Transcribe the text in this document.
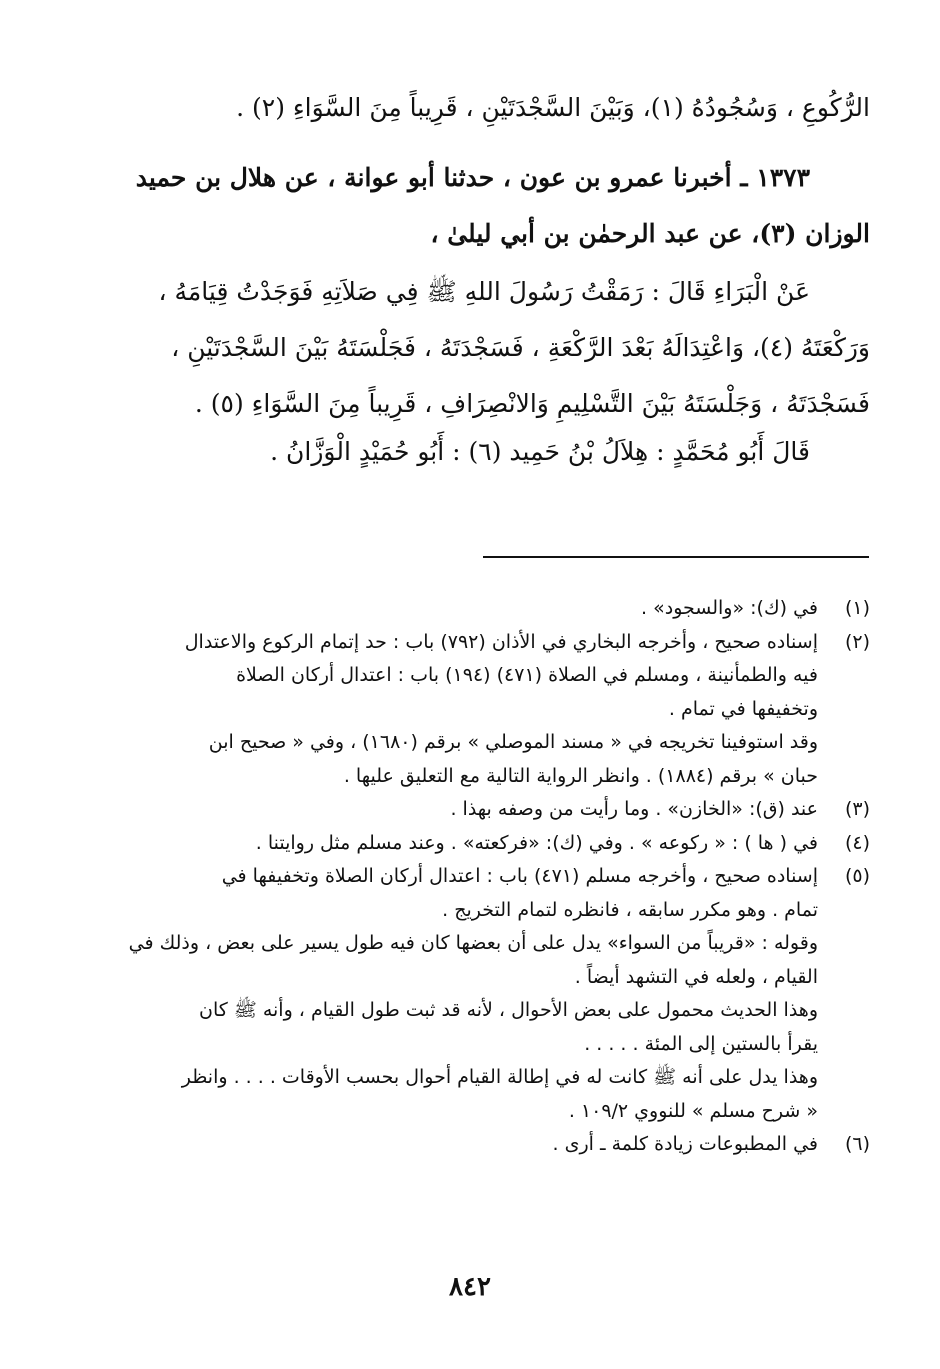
الرُّكُوعِ ، وَسُجُودُهُ (١)، وَبَيْنَ السَّجْدَتَيْنِ ، قَرِيباً مِنَ السَّوَاءِ (٢) .
١٣٧٣ ـ أخبرنا عمرو بن عون ، حدثنا أبو عوانة ، عن هلال بن حميد
الوزان (٣)، عن عبد الرحمٰن بن أبي ليلىٰ ،
عَنْ الْبَرَاءِ قَالَ : رَمَقْتُ رَسُولَ اللهِ ﷺ فِي صَلاَتِهِ فَوَجَدْتُ قِيَامَهُ ،
وَرَكْعَتَهُ (٤)، وَاعْتِدَالَهُ بَعْدَ الرَّكْعَةِ ، فَسَجْدَتَهُ ، فَجَلْسَتَهُ بَيْنَ السَّجْدَتَيْنِ ،
فَسَجْدَتَهُ ، وَجَلْسَتَهُ بَيْنَ التَّسْلِيمِ وَالانْصِرَافِ ، قَرِيباً مِنَ السَّوَاءِ (٥) .
قَالَ أَبُو مُحَمَّدٍ : هِلاَلُ بْنُ حَمِيد (٦) : أَبُو حُمَيْدٍ الْوَزَّانُ .
(١)
في (ك): «والسجود» .
(٢)
إسناده صحيح ، وأخرجه البخاري في الأذان (٧٩٢) باب : حد إتمام الركوع والاعتدال
فيه والطمأنينة ، ومسلم في الصلاة (٤٧١) (١٩٤) باب : اعتدال أركان الصلاة
وتخفيفها في تمام .
وقد استوفينا تخريجه في « مسند الموصلي » برقم (١٦٨٠) ، وفي « صحيح ابن
حبان » برقم (١٨٨٤) . وانظر الرواية التالية مع التعليق عليها .
(٣)
عند (ق): «الخازن» . وما رأيت من وصفه بهذا .
(٤)
في ( ها ) : « ركوعه » . وفي (ك): «فركعته» . وعند مسلم مثل روايتنا .
(٥)
إسناده صحيح ، وأخرجه مسلم (٤٧١) باب : اعتدال أركان الصلاة وتخفيفها في
تمام . وهو مكرر سابقه ، فانظره لتمام التخريج .
وقوله : «قريباً من السواء» يدل على أن بعضها كان فيه طول يسير على بعض ، وذلك في
القيام ، ولعله في التشهد أيضاً .
وهذا الحديث محمول على بعض الأحوال ، لأنه قد ثبت طول القيام ، وأنه ﷺ كان
يقرأ بالستين إلى المئة . . . . .
وهذا يدل على أنه ﷺ كانت له في إطالة القيام أحوال بحسب الأوقات . . . . وانظر
« شرح مسلم » للنووي ١٠٩/٢ .
(٦)
في المطبوعات زيادة كلمة ـ أرى .
٨٤٢
